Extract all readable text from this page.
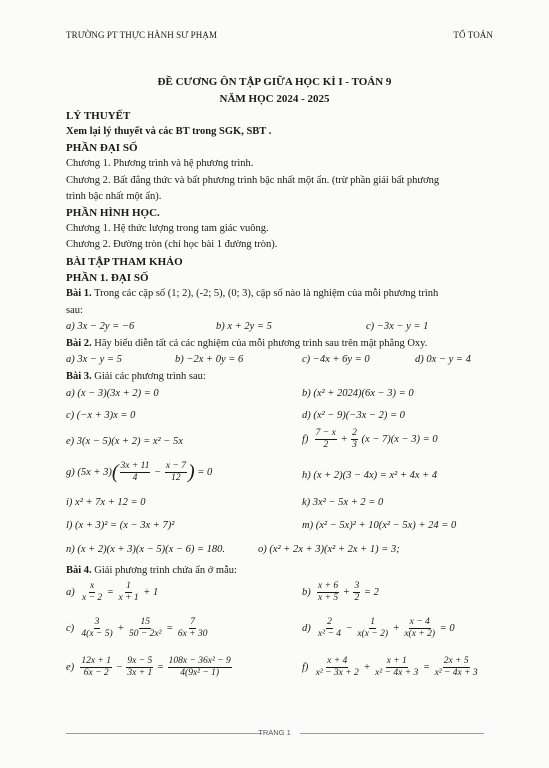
TRƯỜNG PT THỰC HÀNH SƯ PHẠM	TỔ TOÁN
ĐỀ CƯƠNG ÔN TẬP GIỮA HỌC KÌ I - TOÁN 9
NĂM HỌC 2024 - 2025
LÝ THUYẾT
Xem lại lý thuyết và các BT trong SGK, SBT .
PHẦN ĐẠI SỐ
Chương 1. Phương trình và hệ phương trình.
Chương 2. Bất đẳng thức và bất phương trình bậc nhất một ẩn. (trừ phần giải bất phương
trình bậc nhất một ẩn).
PHẦN HÌNH HỌC.
Chương 1. Hệ thức lượng trong tam giác vuông.
Chương 2. Đường tròn (chỉ học bài 1 đường tròn).
BÀI TẬP THAM KHẢO
PHẦN 1. ĐẠI SỐ
Bài 1. Trong các cặp số (1; 2), (-2; 5), (0; 3), cặp số nào là nghiệm của mỗi phương trình
sau:
a) 3x − 2y = −6	b) x + 2y = 5	c) −3x − y = 1
Bài 2. Hãy biểu diễn tất cả các nghiệm của mỗi phương trình sau trên mặt phẳng Oxy.
a) 3x − y = 5	b) −2x + 0y = 6	c) −4x + 6y = 0	d) 0x − y = 4
Bài 3. Giải các phương trình sau:
a) (x − 3)(3x + 2) = 0	b) (x² + 2024)(6x − 3) = 0
c) (−x + 3)x = 0	d) (x² − 9)(−3x − 2) = 0
e) 3(x − 5)(x + 2) = x² − 5x	$f) \frac{7 - x}{2} + \frac{2}{3} (x - 7)(x - 3) = 0$
g) $(5x + 3)( \frac{3x + 11}{4} - \frac{x - 7}{12}$ ) = 0	h) (x + 2)(3 − 4x) = x² + 4x + 4
i) x² + 7x + 12 = 0	k) 3x² − 5x + 2 = 0
l) (x + 3)² = (x − 3x + 7)²	m) (x² − 5x)² + 10(x² − 5x) + 24 = 0
n) (x + 2)(x + 3)(x − 5)(x − 6) = 180.	o) (x² + 2x + 3)(x² + 2x + 1) = 3;
Bài 4. Giải phương trình chứa ẩn ở mẫu:
$a) \frac{x}{x - 2} = \frac{1}{x + 1} + 1$	$b) \frac{x + 6}{x + 5} + \frac{3}{2} = 2$
$c) \frac{3}{4(x - 5)} + \frac{15}{\text{50 − 2x²}} = \frac{7}{6x + 30}$	$d) \frac{2}{\text{x² − 4}} - \frac{1}{x(x - 2)} + \frac{x - 4}{x(x + 2)} = 0$
$e) \frac{12x + 1}{6x - 2} - \frac{9x - 5}{3x + 1} = \frac{\text{108x − 36x² − 9}}{\text{4(9x² − 1)}}$	$f) \frac{x + 4}{\text{x² − 3x + 2}} + \frac{x + 1}{\text{x² − 4x + 3}} = \frac{2x + 5}{\text{x² − 4x + 3}}$
TRANG 1
